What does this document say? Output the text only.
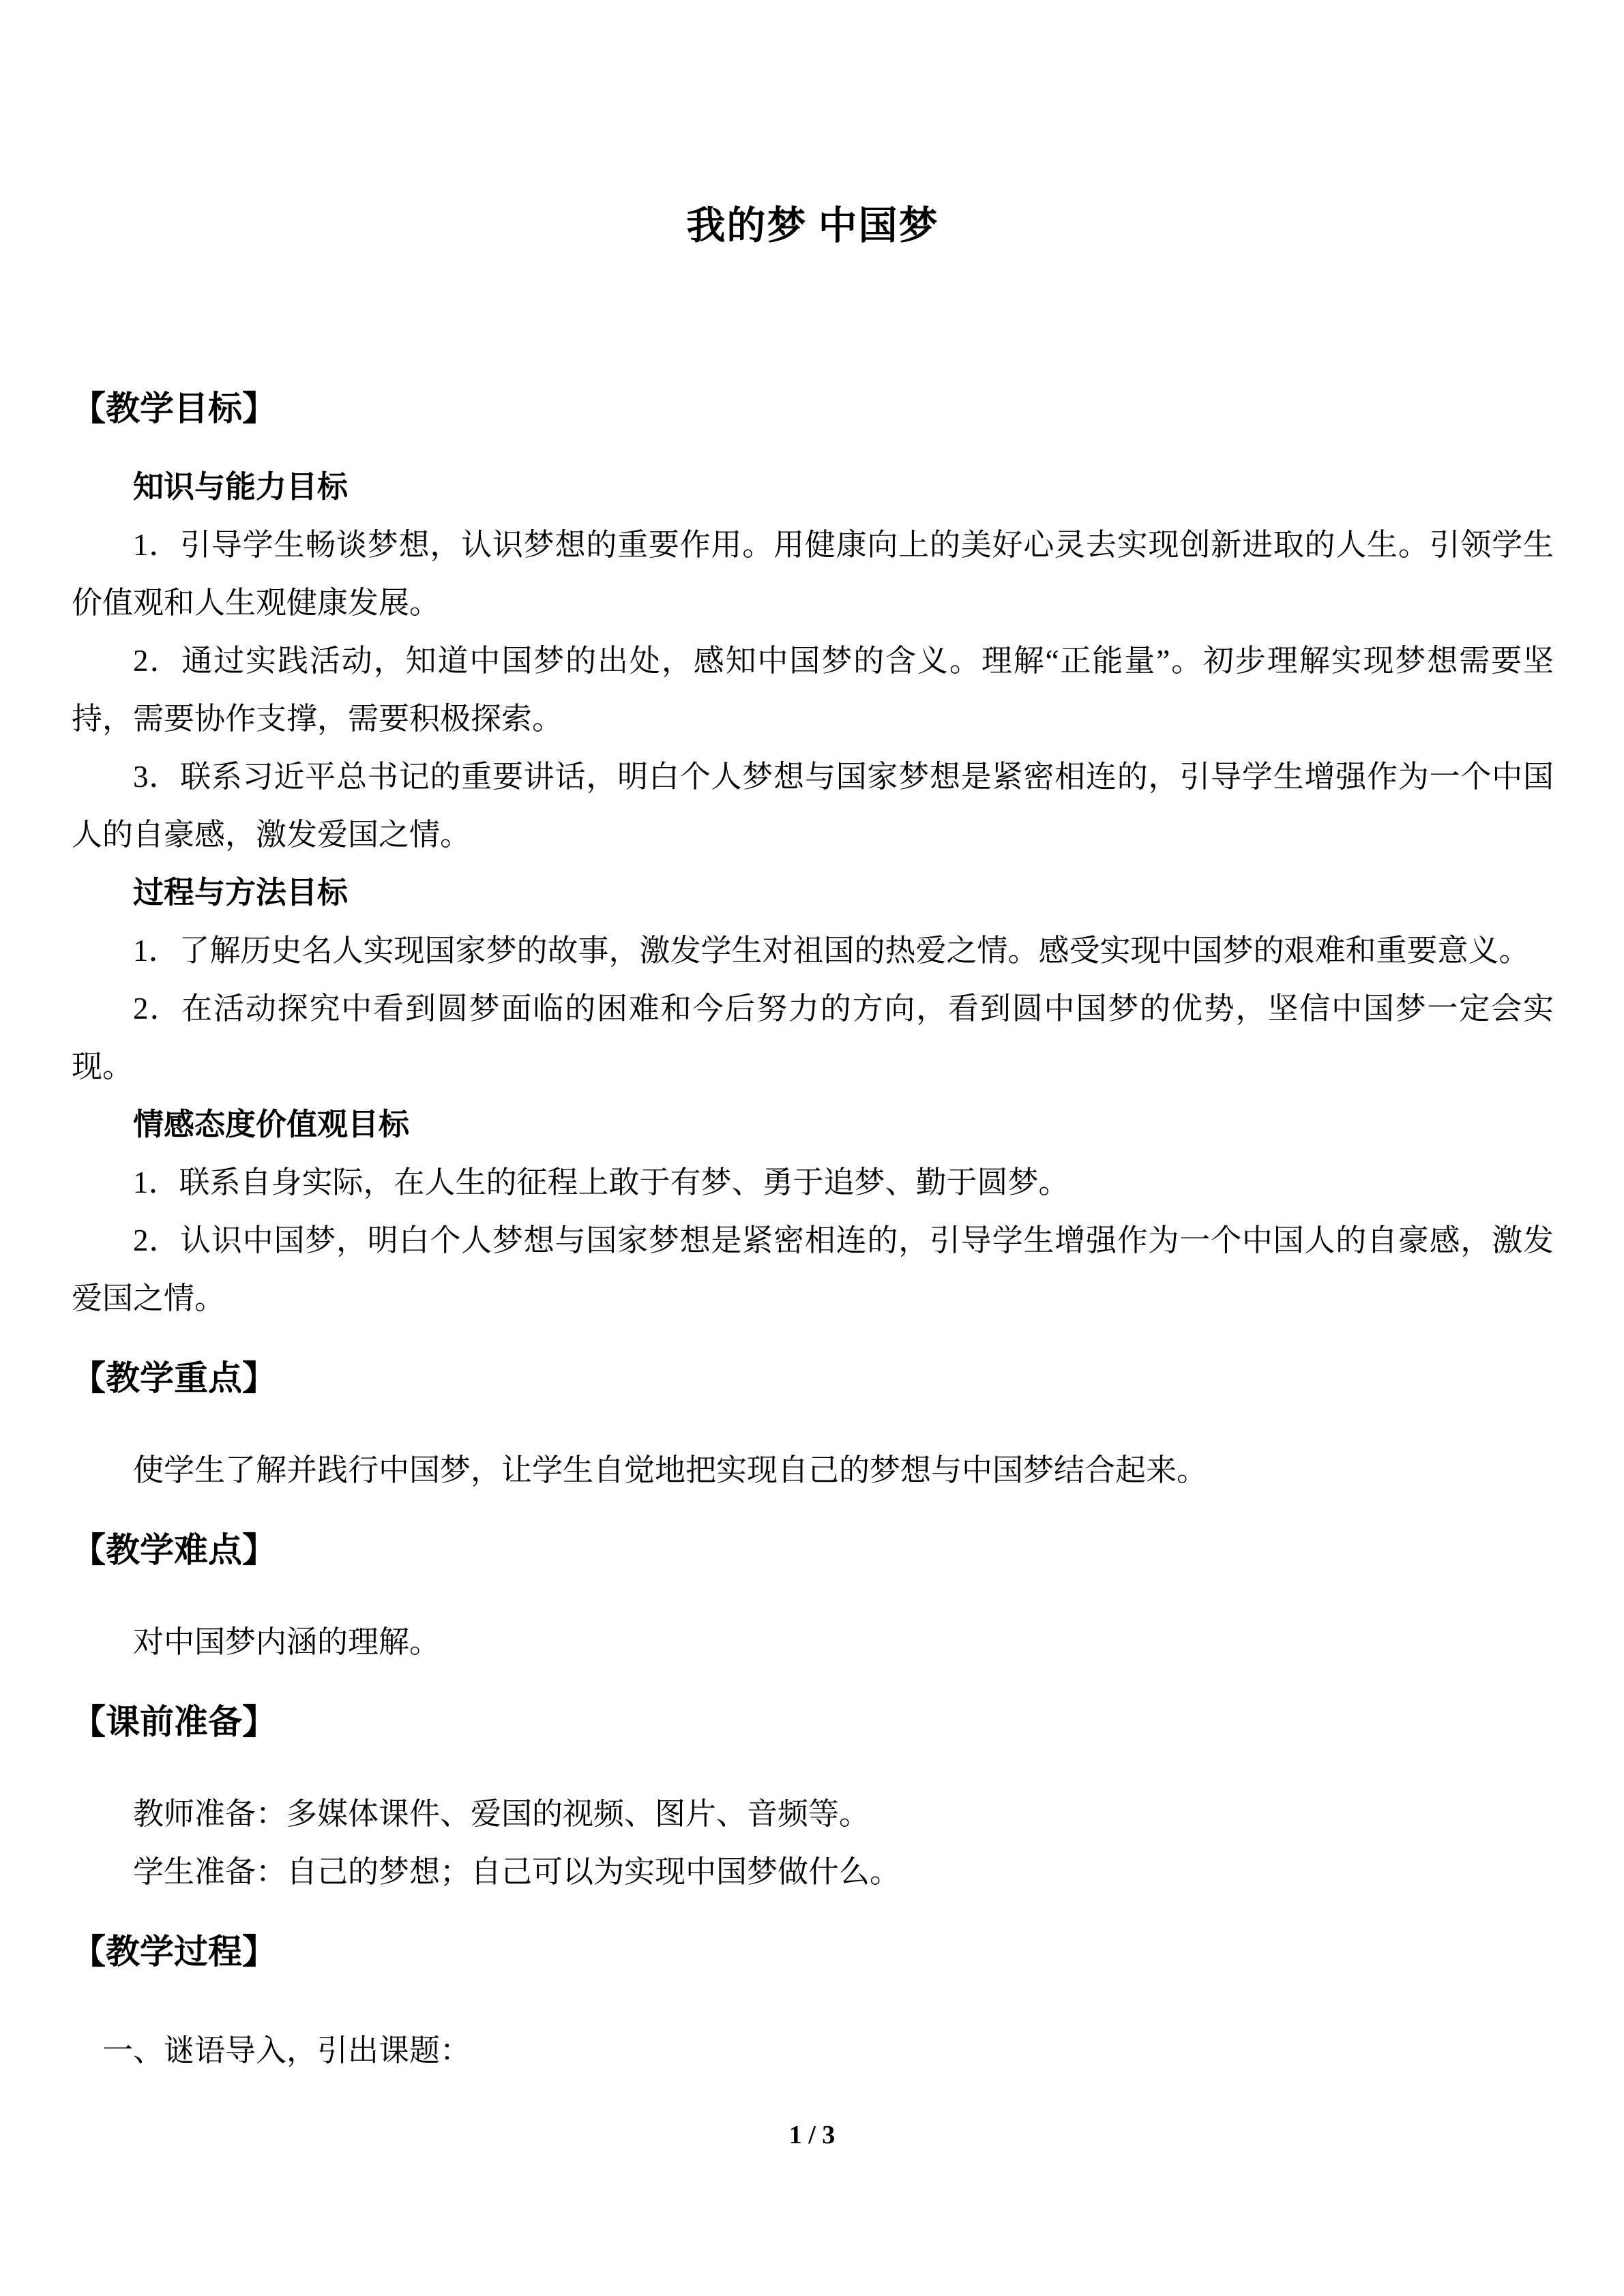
我的梦 中国梦
【教学目标】
知识与能力目标
1．引导学生畅谈梦想，认识梦想的重要作用。用健康向上的美好心灵去实现创新进取的人生。引领学生价值观和人生观健康发展。
2．通过实践活动，知道中国梦的出处，感知中国梦的含义。理解“正能量”。初步理解实现梦想需要坚持，需要协作支撑，需要积极探索。
3．联系习近平总书记的重要讲话，明白个人梦想与国家梦想是紧密相连的，引导学生增强作为一个中国人的自豪感，激发爱国之情。
过程与方法目标
1．了解历史名人实现国家梦的故事，激发学生对祖国的热爱之情。感受实现中国梦的艰难和重要意义。
2．在活动探究中看到圆梦面临的困难和今后努力的方向，看到圆中国梦的优势，坚信中国梦一定会实现。
情感态度价值观目标
1．联系自身实际，在人生的征程上敢于有梦、勇于追梦、勤于圆梦。
2．认识中国梦，明白个人梦想与国家梦想是紧密相连的，引导学生增强作为一个中国人的自豪感，激发爱国之情。
【教学重点】
使学生了解并践行中国梦，让学生自觉地把实现自己的梦想与中国梦结合起来。
【教学难点】
对中国梦内涵的理解。
【课前准备】
教师准备：多媒体课件、爱国的视频、图片、音频等。
学生准备：自己的梦想；自己可以为实现中国梦做什么。
【教学过程】
一、谜语导入，引出课题：
1 / 3
